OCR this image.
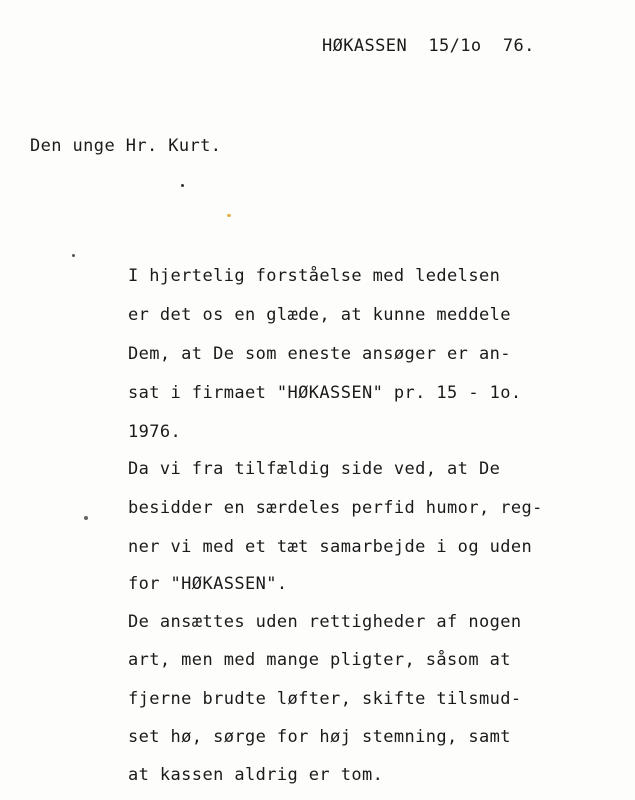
HØKASSEN 15/1o  76.
Den unge Hr. Kurt.
I hjertelig forståelse med ledelsen
er det os en glæde, at kunne meddele
Dem, at De som eneste ansøger er an-
sat i firmaet "HØKASSEN" pr. 15 - 1o.
1976.
Da vi fra tilfældig side ved, at De
besidder en særdeles perfid humor, reg-
ner vi med et tæt samarbejde i og uden
for "HØKASSEN".
De ansættes uden rettigheder af nogen
art, men med mange pligter, såsom at
fjerne brudte løfter, skifte tilsmud-
set hø, sørge for høj stemning, samt
at kassen aldrig er tom.
